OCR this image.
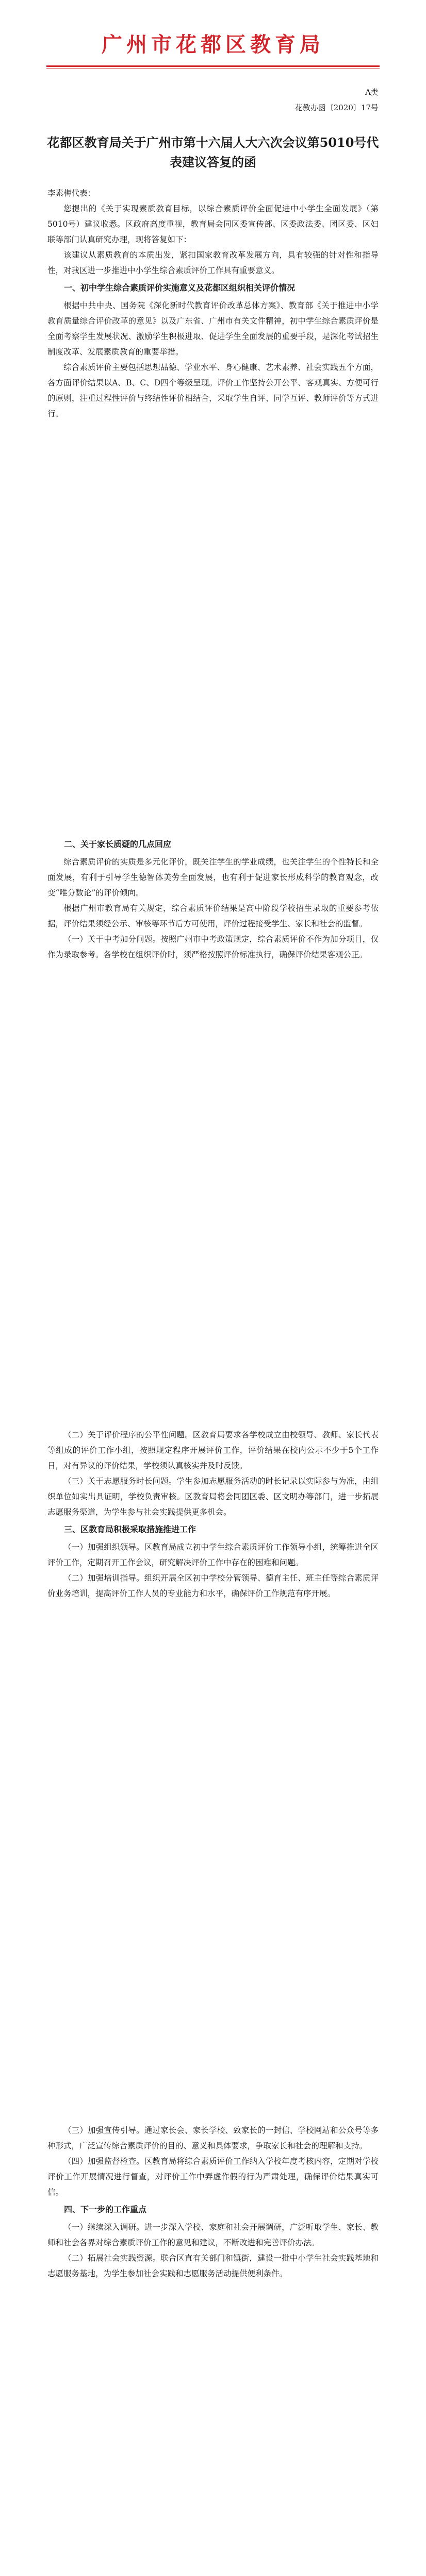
广州市花都区教育局
A类
花教办函〔2020〕17号
花都区教育局关于广州市第十六届人大六次会议第5010号代表建议答复的函

李素梅代表：

您提出的《关于实现素质教育目标，以综合素质评价全面促进中小学生全面发展》（第5010号）建议收悉。区政府高度重视，教育局会同区委宣传部、区委政法委、团区委、区妇联等部门认真研究办理，现将答复如下：

该建议从素质教育的本质出发，紧扣国家教育改革发展方向，具有较强的针对性和指导性，对我区进一步推进中小学生综合素质评价工作具有重要意义。

一、初中学生综合素质评价实施意义及花都区组织相关评价情况

根据中共中央、国务院《深化新时代教育评价改革总体方案》、教育部《关于推进中小学教育质量综合评价改革的意见》以及广东省、广州市有关文件精神，初中学生综合素质评价是全面考察学生发展状况、激励学生积极进取、促进学生全面发展的重要手段，是深化考试招生制度改革、发展素质教育的重要举措。

综合素质评价主要包括思想品德、学业水平、身心健康、艺术素养、社会实践五个方面，各方面评价结果以A、B、C、D四个等级呈现。评价工作坚持公开公平、客观真实、方便可行的原则，注重过程性评价与终结性评价相结合，采取学生自评、同学互评、教师评价等方式进行。

二、关于家长质疑的几点回应

综合素质评价的实质是多元化评价，既关注学生的学业成绩，也关注学生的个性特长和全面发展，有利于引导学生德智体美劳全面发展，也有利于促进家长形成科学的教育观念，改变“唯分数论”的评价倾向。

根据广州市教育局有关规定，综合素质评价结果是高中阶段学校招生录取的重要参考依据，评价结果须经公示、审核等环节后方可使用，评价过程接受学生、家长和社会的监督。

（一）关于中考加分问题。按照广州市中考政策规定，综合素质评价不作为加分项目，仅作为录取参考。各学校在组织评价时，须严格按照评价标准执行，确保评价结果客观公正。

（二）关于评价程序的公平性问题。区教育局要求各学校成立由校领导、教师、家长代表等组成的评价工作小组，按照规定程序开展评价工作，评价结果在校内公示不少于5个工作日，对有异议的评价结果，学校须认真核实并及时反馈。

（三）关于志愿服务时长问题。学生参加志愿服务活动的时长记录以实际参与为准，由组织单位如实出具证明，学校负责审核。区教育局将会同团区委、区文明办等部门，进一步拓展志愿服务渠道，为学生参与社会实践提供更多机会。

三、区教育局积极采取措施推进工作

（一）加强组织领导。区教育局成立初中学生综合素质评价工作领导小组，统筹推进全区评价工作，定期召开工作会议，研究解决评价工作中存在的困难和问题。

（二）加强培训指导。组织开展全区初中学校分管领导、德育主任、班主任等综合素质评价业务培训，提高评价工作人员的专业能力和水平，确保评价工作规范有序开展。

（三）加强宣传引导。通过家长会、家长学校、致家长的一封信、学校网站和公众号等多种形式，广泛宣传综合素质评价的目的、意义和具体要求，争取家长和社会的理解和支持。

（四）加强监督检查。区教育局将综合素质评价工作纳入学校年度考核内容，定期对学校评价工作开展情况进行督查，对评价工作中弄虚作假的行为严肃处理，确保评价结果真实可信。

四、下一步的工作重点

（一）继续深入调研。进一步深入学校、家庭和社会开展调研，广泛听取学生、家长、教师和社会各界对综合素质评价工作的意见和建议，不断改进和完善评价办法。

（二）拓展社会实践资源。联合区直有关部门和镇街，建设一批中小学生社会实践基地和志愿服务基地，为学生参加社会实践和志愿服务活动提供便利条件。
